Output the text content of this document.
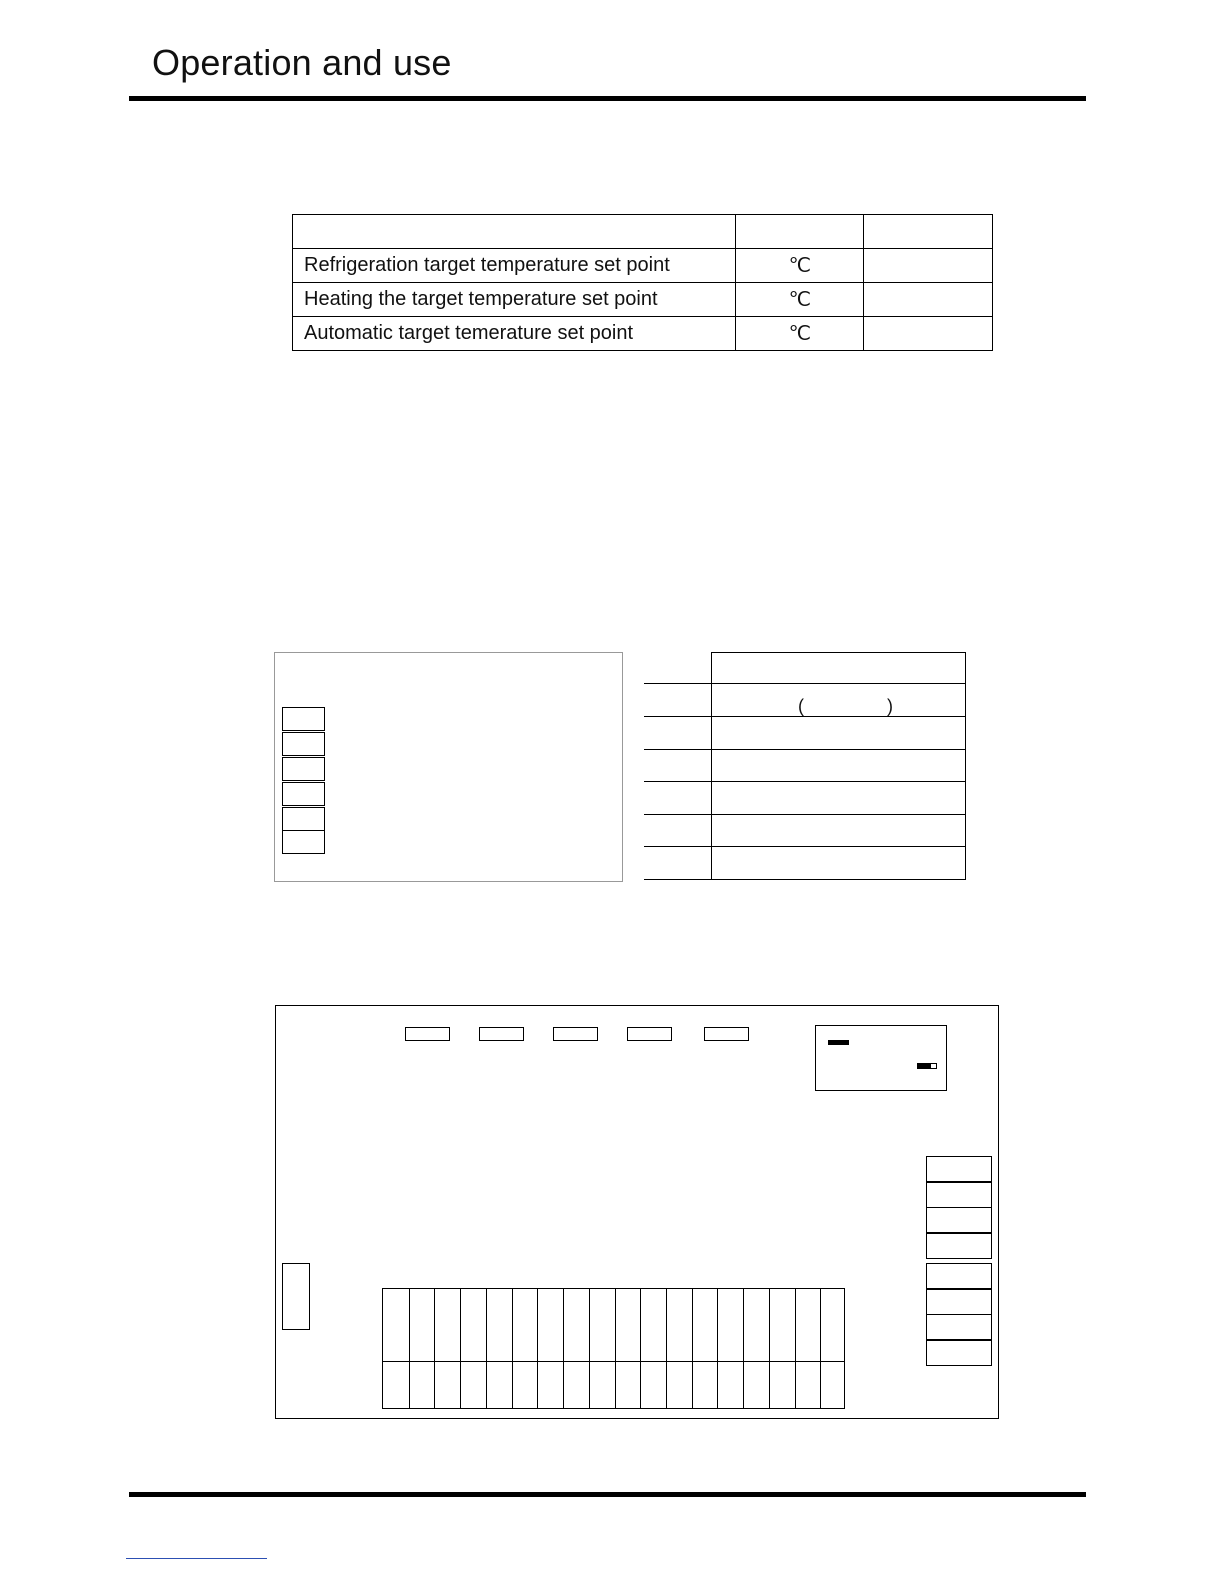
Operation and use

Refrigeration target temperature set point	℃	
Heating the target temperature set point	℃	
Automatic target temerature set point	℃	
(	)
